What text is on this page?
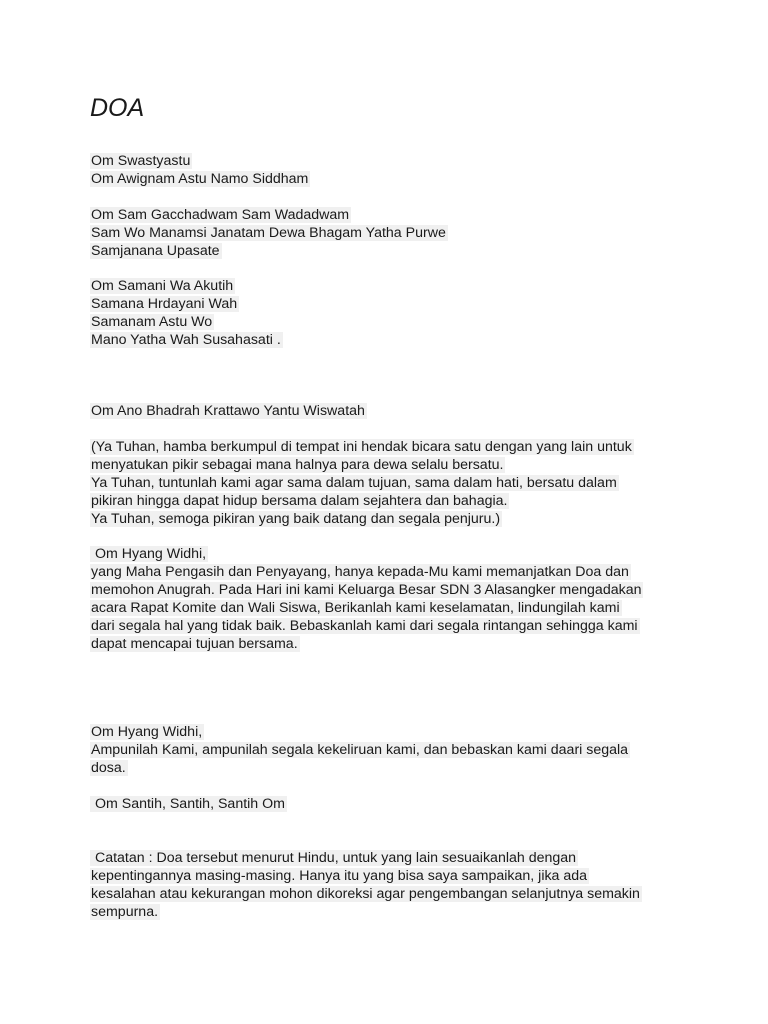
DOA
Om Swastyastu
Om Awignam Astu Namo Siddham
Om Sam Gacchadwam Sam Wadadwam
Sam Wo Manamsi Janatam Dewa Bhagam Yatha Purwe
Samjanana Upasate
Om Samani Wa Akutih
Samana Hrdayani Wah
Samanam Astu Wo
Mano Yatha Wah Susahasati .
Om Ano Bhadrah Krattawo Yantu Wiswatah
(Ya Tuhan, hamba berkumpul di tempat ini hendak bicara satu dengan yang lain untuk
menyatukan pikir sebagai mana halnya para dewa selalu bersatu.
Ya Tuhan, tuntunlah kami agar sama dalam tujuan, sama dalam hati, bersatu dalam
pikiran hingga dapat hidup bersama dalam sejahtera dan bahagia.
Ya Tuhan, semoga pikiran yang baik datang dan segala penjuru.)
Om Hyang Widhi,
yang Maha Pengasih dan Penyayang, hanya kepada-Mu kami memanjatkan Doa dan
memohon Anugrah. Pada Hari ini kami Keluarga Besar SDN 3 Alasangker mengadakan
acara Rapat Komite dan Wali Siswa, Berikanlah kami keselamatan, lindungilah kami
dari segala hal yang tidak baik. Bebaskanlah kami dari segala rintangan sehingga kami
dapat mencapai tujuan bersama.
Om Hyang Widhi,
Ampunilah Kami, ampunilah segala kekeliruan kami, dan bebaskan kami daari segala
dosa.
Om Santih, Santih, Santih Om
Catatan : Doa tersebut menurut Hindu, untuk yang lain sesuaikanlah dengan
kepentingannya masing-masing. Hanya itu yang bisa saya sampaikan, jika ada
kesalahan atau kekurangan mohon dikoreksi agar pengembangan selanjutnya semakin
sempurna.
